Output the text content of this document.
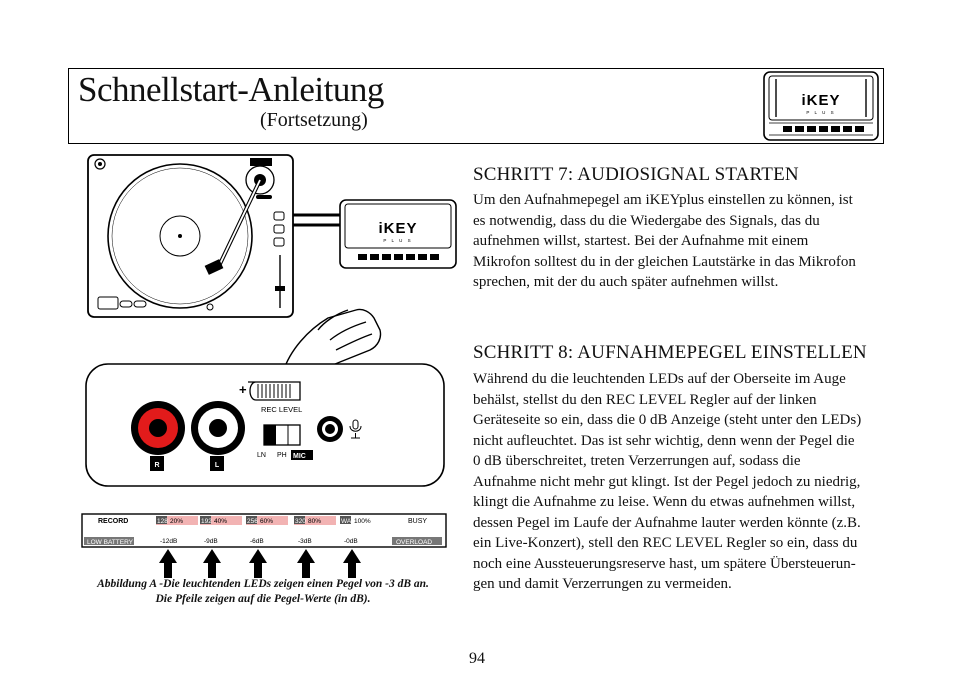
Schnellstart-Anleitung
(Fortsetzung)
iKEY
P L U S
iKEY
P L U S
R	L
+
REC LEVEL
LN PH MIC
RECORD	BUSY
LOW BATTERY	OVERLOAD
128 20%
-12dB
192 40%
-9dB
256 60%
-6dB
320 80%
-3dB
WAV
100%
-0dB
SCHRITT 7: AUDIOSIGNAL STARTEN

Um den Aufnahmepegel am iKEYplus einstellen zu können, ist

es notwendig, dass du die Wiedergabe des Signals, das du

aufnehmen willst, startest. Bei der Aufnahme mit einem

Mikrofon solltest du in der gleichen Lautstärke in das Mikrofon

sprechen, mit der du auch später aufnehmen willst.

SCHRITT 8: AUFNAHMEPEGEL EINSTELLEN

Während du die leuchtenden LEDs auf der Oberseite im Auge

behälst, stellst du den REC LEVEL Regler auf der linken

Geräteseite so ein, dass die 0 dB Anzeige (steht unter den LEDs)

nicht aufleuchtet. Das ist sehr wichtig, denn wenn der Pegel die

0 dB überschreitet, treten Verzerrungen auf, sodass die

Aufnahme nicht mehr gut klingt. Ist der Pegel jedoch zu niedrig,

klingt die Aufnahme zu leise. Wenn du etwas aufnehmen willst,

dessen Pegel im Laufe der Aufnahme lauter werden könnte (z.B.

ein Live-Konzert), stell den REC LEVEL Regler so ein, dass du

noch eine Aussteuerungsreserve hast, um spätere Übersteuerun-

gen und damit Verzerrungen zu vermeiden.

Abbildung A -Die leuchtenden LEDs zeigen einen Pegel von -3 dB an.

Die Pfeile zeigen auf die Pegel-Werte (in dB).

94
